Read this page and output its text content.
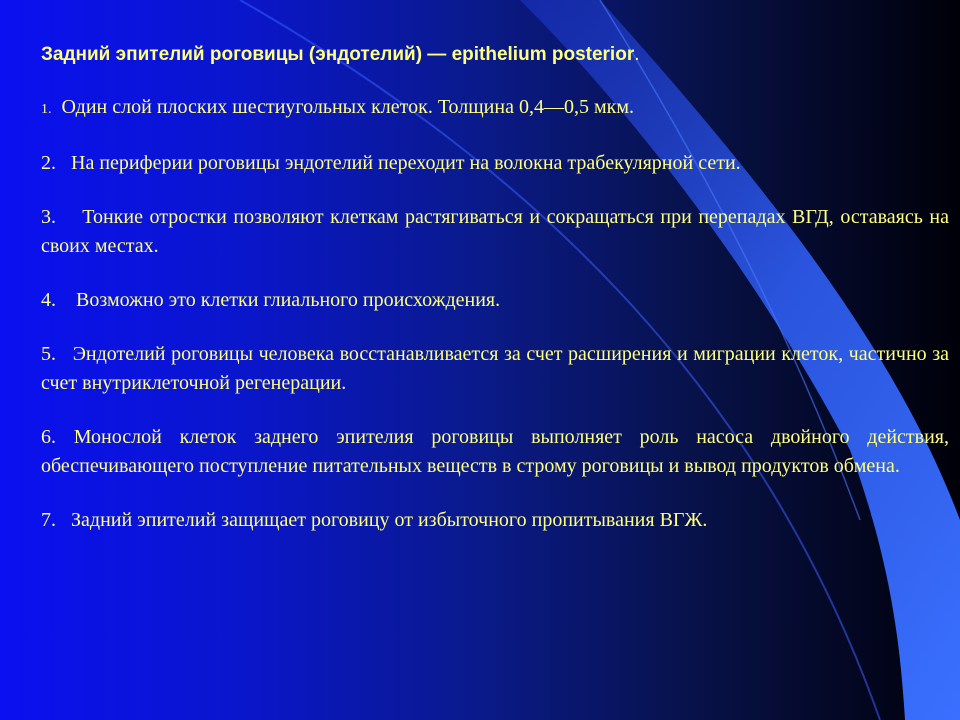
Задний эпителий роговицы (эндотелий) — epithelium posterior.

1. Один слой плоских шестиугольных клеток. Толщина 0,4—0,5 мкм.

2. На периферии роговицы эндотелий переходит на волокна трабекулярной сети.

3. Тонкие отростки позволяют клеткам растягиваться и сокращаться при перепадах ВГД, оставаясь на своих местах.

4. Возможно это клетки глиального происхождения.

5. Эндотелий роговицы человека восстанавливается за счет расширения и миграции клеток, частично за счет внутриклеточной регенерации.

6. Монослой клеток заднего эпителия роговицы выполняет роль насоса двойного действия, обеспечивающего поступление питательных веществ в строму роговицы и вывод продуктов обмена.

7. Задний эпителий защищает роговицу от избыточного пропитывания ВГЖ.
